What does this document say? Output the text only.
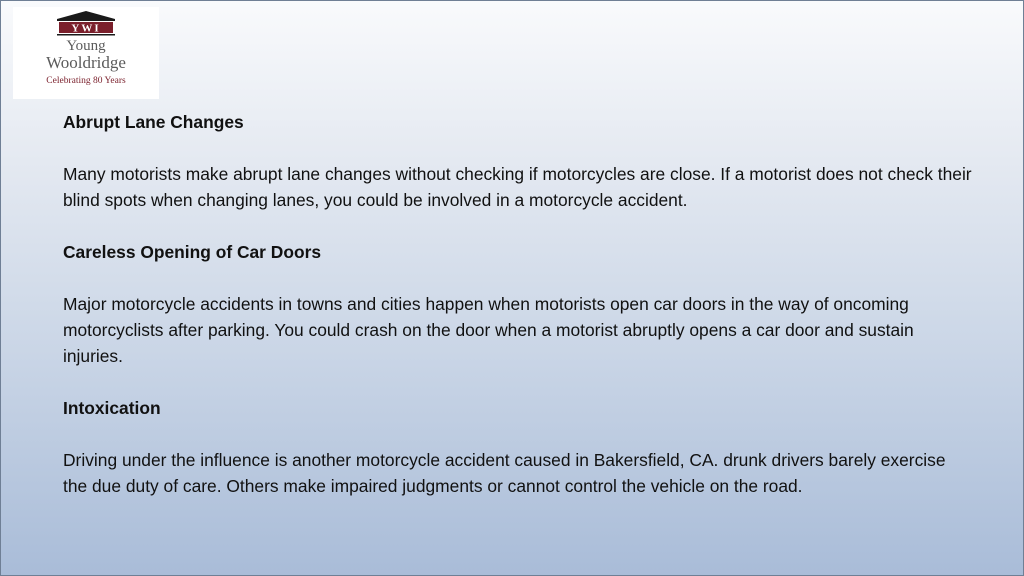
YWI
Young
Wooldridge
Celebrating 80 Years

Abrupt Lane Changes

Many motorists make abrupt lane changes without checking if motorcycles are close. If a motorist does not check their blind spots when changing lanes, you could be involved in a motorcycle accident.

Careless Opening of Car Doors

Major motorcycle accidents in towns and cities happen when motorists open car doors in the way of oncoming motorcyclists after parking. You could crash on the door when a motorist abruptly opens a car door and sustain injuries.

Intoxication

Driving under the influence is another motorcycle accident caused in Bakersfield, CA. drunk drivers barely exercise the due duty of care. Others make impaired judgments or cannot control the vehicle on the road.
